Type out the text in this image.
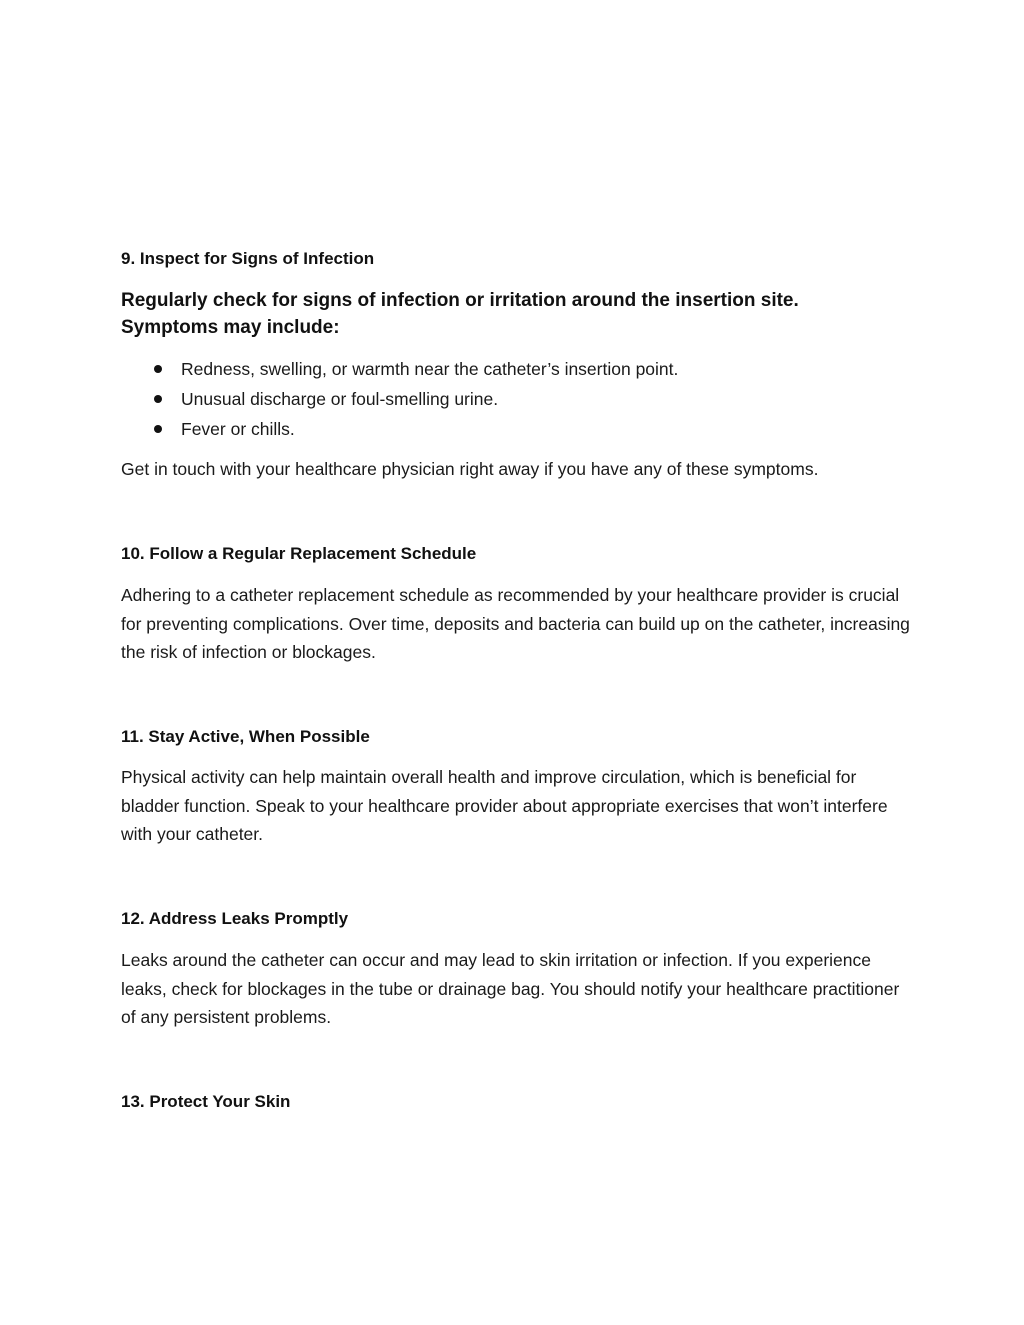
9. Inspect for Signs of Infection

Regularly check for signs of infection or irritation around the insertion site. Symptoms may include:

Redness, swelling, or warmth near the catheter’s insertion point.
Unusual discharge or foul-smelling urine.
Fever or chills.

Get in touch with your healthcare physician right away if you have any of these symptoms.

10. Follow a Regular Replacement Schedule

Adhering to a catheter replacement schedule as recommended by your healthcare provider is crucial for preventing complications. Over time, deposits and bacteria can build up on the catheter, increasing the risk of infection or blockages.

11. Stay Active, When Possible

Physical activity can help maintain overall health and improve circulation, which is beneficial for bladder function. Speak to your healthcare provider about appropriate exercises that won’t interfere with your catheter.

12. Address Leaks Promptly

Leaks around the catheter can occur and may lead to skin irritation or infection. If you experience leaks, check for blockages in the tube or drainage bag. You should notify your healthcare practitioner of any persistent problems.

13. Protect Your Skin
